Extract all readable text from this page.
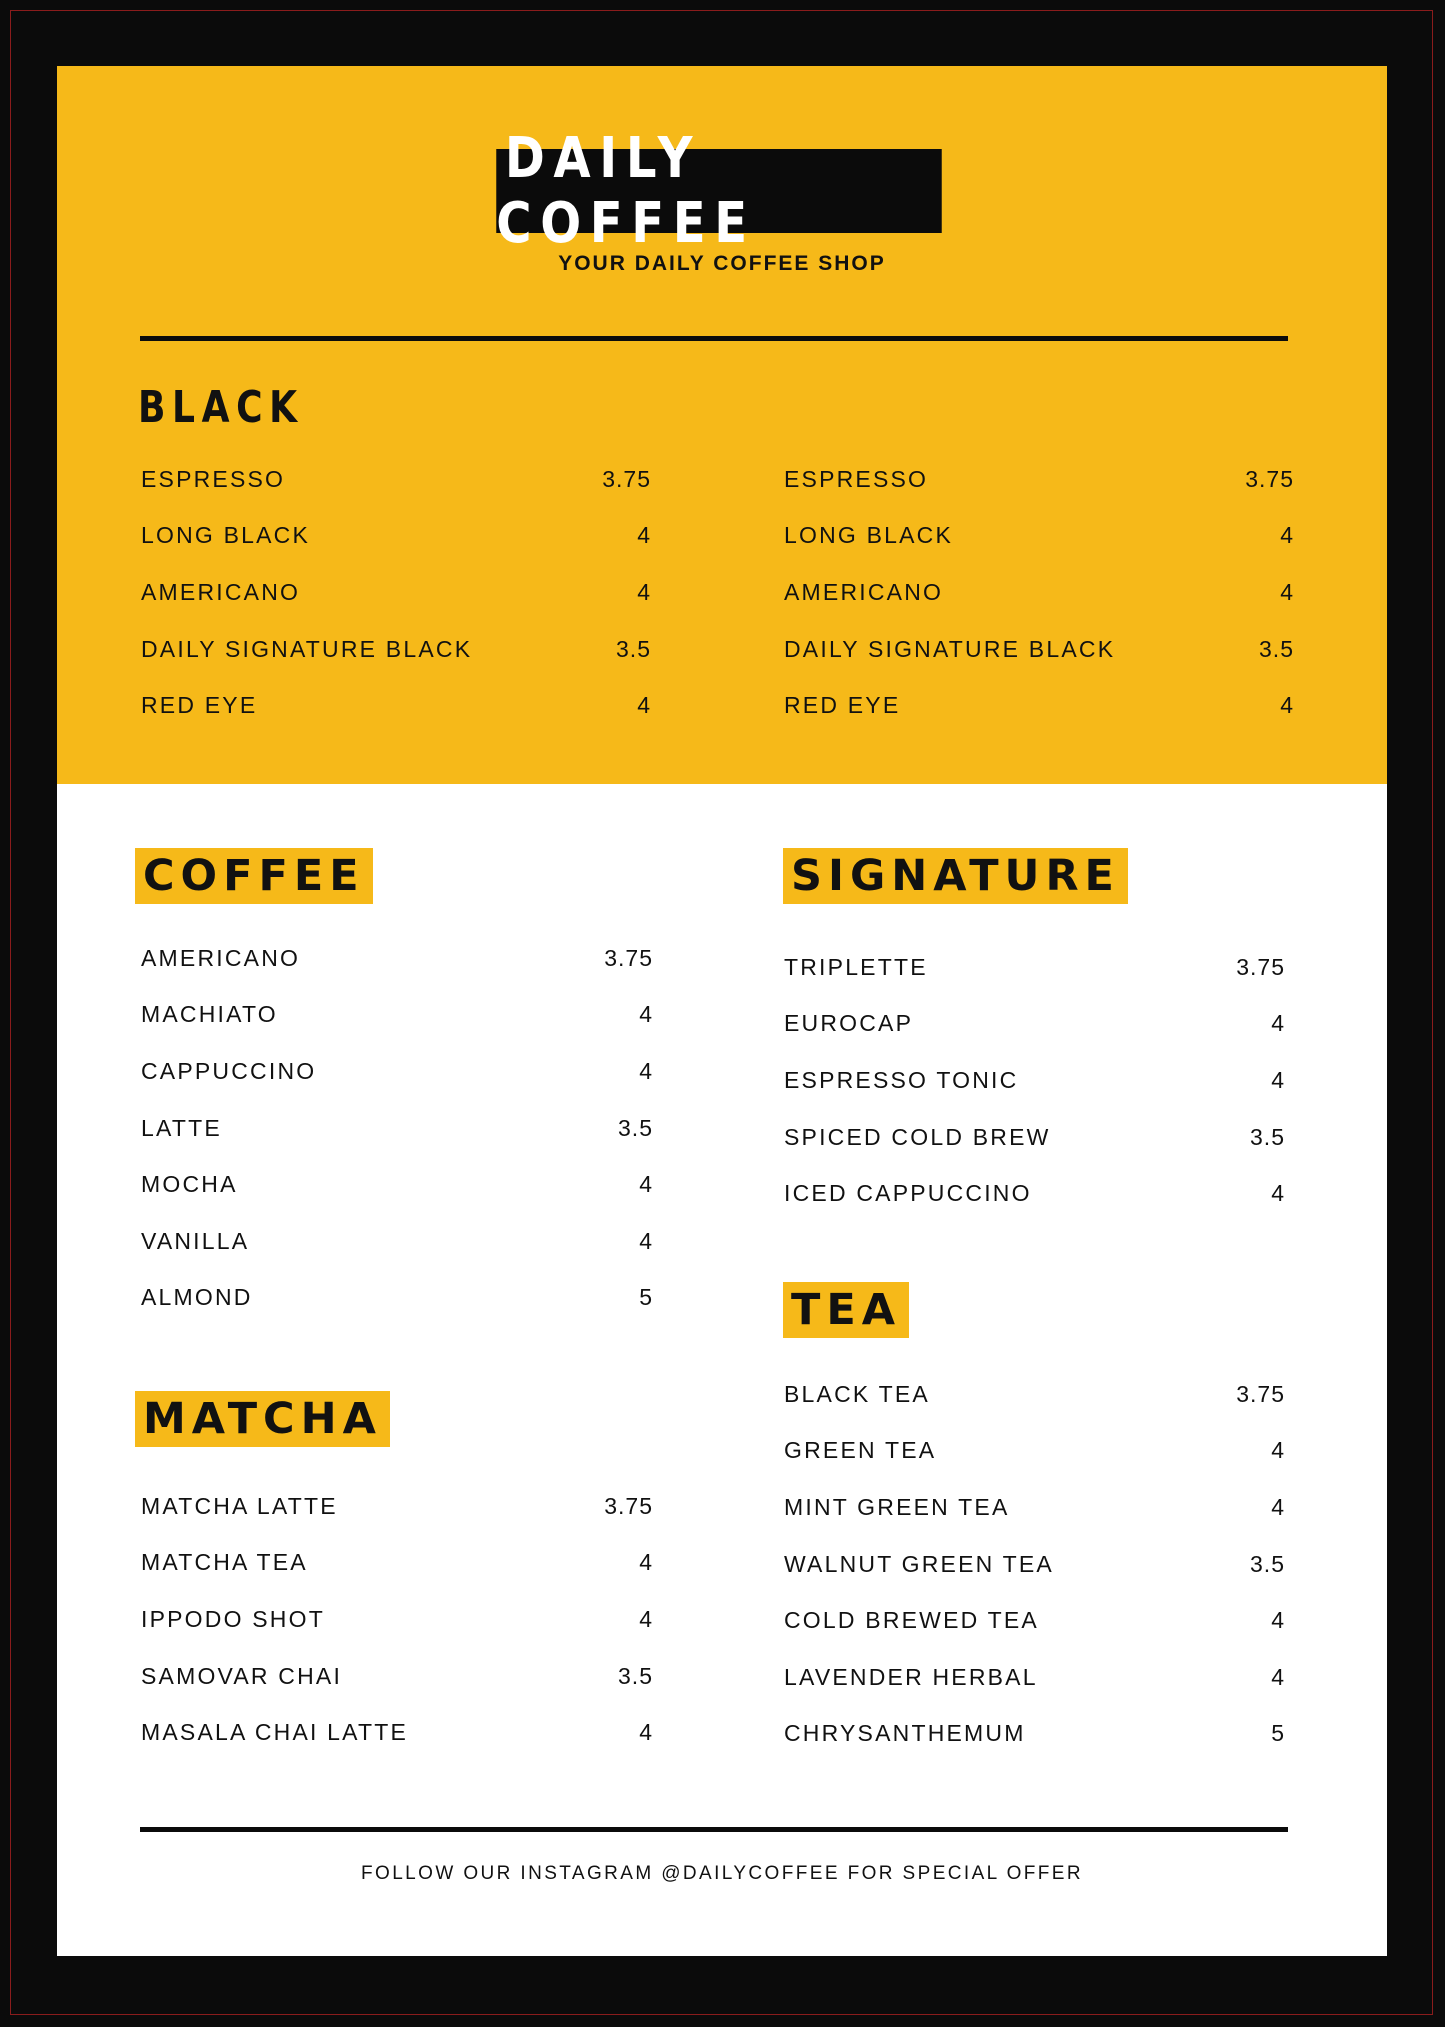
DAILY COFFEE
YOUR DAILY COFFEE SHOP
BLACK
ESPRESSO	3.75
LONG BLACK	4
AMERICANO	4
DAILY SIGNATURE BLACK	3.5
RED EYE	4
ESPRESSO	3.75
LONG BLACK	4
AMERICANO	4
DAILY SIGNATURE BLACK	3.5
RED EYE	4
COFFEE
AMERICANO	3.75
MACHIATO	4
CAPPUCCINO	4
LATTE	3.5
MOCHA	4
VANILLA	4
ALMOND	5
SIGNATURE
TRIPLETTE	3.75
EUROCAP	4
ESPRESSO TONIC	4
SPICED COLD BREW	3.5
ICED CAPPUCCINO	4
MATCHA
MATCHA LATTE	3.75
MATCHA TEA	4
IPPODO SHOT	4
SAMOVAR CHAI	3.5
MASALA CHAI LATTE	4
TEA
BLACK TEA	3.75
GREEN TEA	4
MINT GREEN TEA	4
WALNUT GREEN TEA	3.5
COLD BREWED TEA	4
LAVENDER HERBAL	4
CHRYSANTHEMUM	5
FOLLOW OUR INSTAGRAM @DAILYCOFFEE FOR SPECIAL OFFER
